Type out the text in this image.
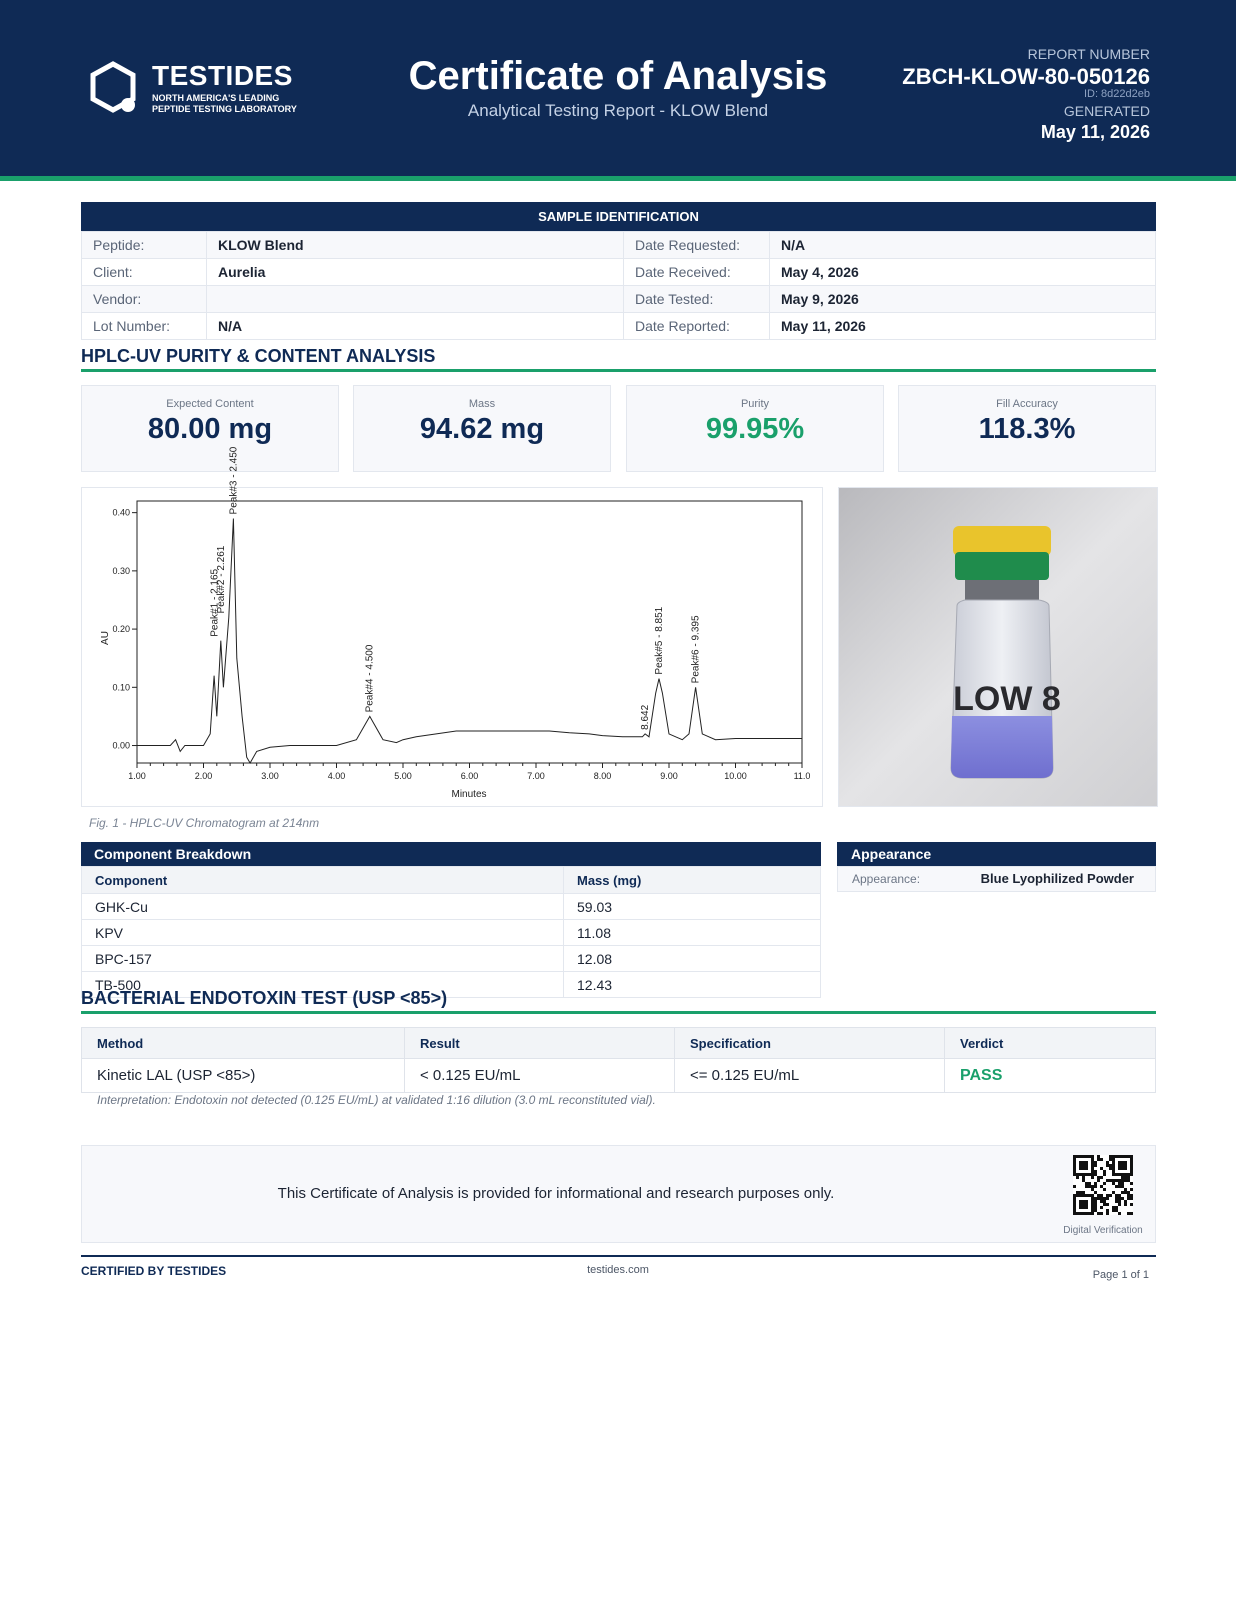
TESTIDES
NORTH AMERICA'S LEADING
PEPTIDE TESTING LABORATORY
Certificate of Analysis
Analytical Testing Report - KLOW Blend
REPORT NUMBER
ZBCH-KLOW-80-050126
ID: 8d22d2eb
GENERATED
May 11, 2026
SAMPLE IDENTIFICATION
Peptide:	KLOW Blend	Date Requested:	N/A
Client:	Aurelia	Date Received:	May 4, 2026
Vendor:		Date Tested:	May 9, 2026
Lot Number:	N/A	Date Reported:	May 11, 2026
HPLC-UV PURITY & CONTENT ANALYSIS
Expected Content
80.00 mg
Mass
94.62 mg
Purity
99.95%
Fill Accuracy
118.3%
1.00	2.00	3.00	4.00	5.00	6.00	7.00	8.00	9.00	10.00	11.0
0.00
0.10
0.20
0.30
0.40
Peak#1 - 2.165
Peak#2 - 2.261
Peak#3 - 2.450
Peak#4 - 4.500
8.642
Peak#5 - 8.851	Peak#6 - 9.395
AU
Minutes
LOW 8
Fig. 1 - HPLC-UV Chromatogram at 214nm
Component Breakdown
Component	Mass (mg)
GHK-Cu	59.03
KPV	11.08
BPC-157	12.08
TB-500	12.43
Appearance
Appearance:	Blue Lyophilized Powder
BACTERIAL ENDOTOXIN TEST (USP <85>)
Method	Result	Specification	Verdict
Kinetic LAL (USP <85>)	< 0.125 EU/mL	<= 0.125 EU/mL	PASS
Interpretation: Endotoxin not detected (0.125 EU/mL) at validated 1:16 dilution (3.0 mL reconstituted vial).
This Certificate of Analysis is provided for informational and research purposes only.
Digital Verification
CERTIFIED BY TESTIDES	testides.com	Page 1 of 1
